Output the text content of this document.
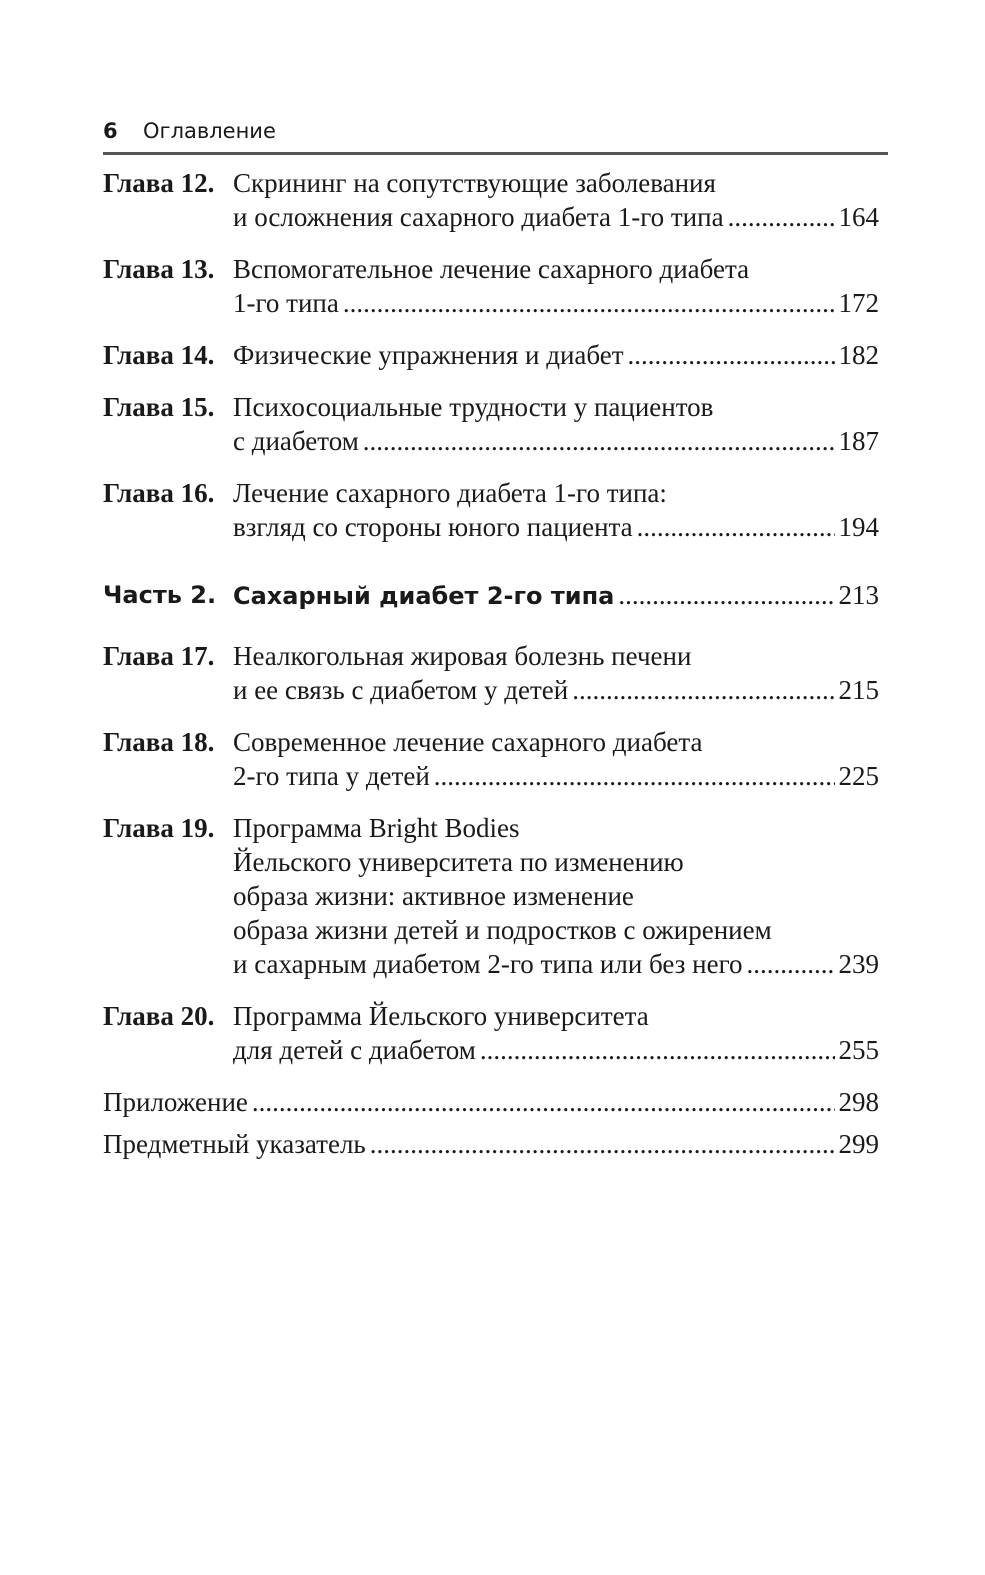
6	Оглавление
Глава 12. Скрининг на сопутствующие заболевания
и осложнения сахарного диабета 1-го типа .....	164
Глава 13. Вспомогательное лечение сахарного диабета
1-го типа .....	172
Глава 14. Физические упражнения и диабет .....	182
Глава 15. Психосоциальные трудности у пациентов
с диабетом .....	187
Глава 16. Лечение сахарного диабета 1-го типа:
взгляд со стороны юного пациента .....	194
Часть 2. Сахарный диабет 2-го типа .....	213
Глава 17. Неалкогольная жировая болезнь печени
и ее связь с диабетом у детей .....	215
Глава 18. Современное лечение сахарного диабета
2-го типа у детей .....	225
Глава 19. Программа Bright Bodies
Йельского университета по изменению
образа жизни: активное изменение
образа жизни детей и подростков с ожирением
и сахарным диабетом 2-го типа или без него .....	239
Глава 20. Программа Йельского университета
для детей с диабетом .....	255
Приложение .....	298
Предметный указатель .....	299
